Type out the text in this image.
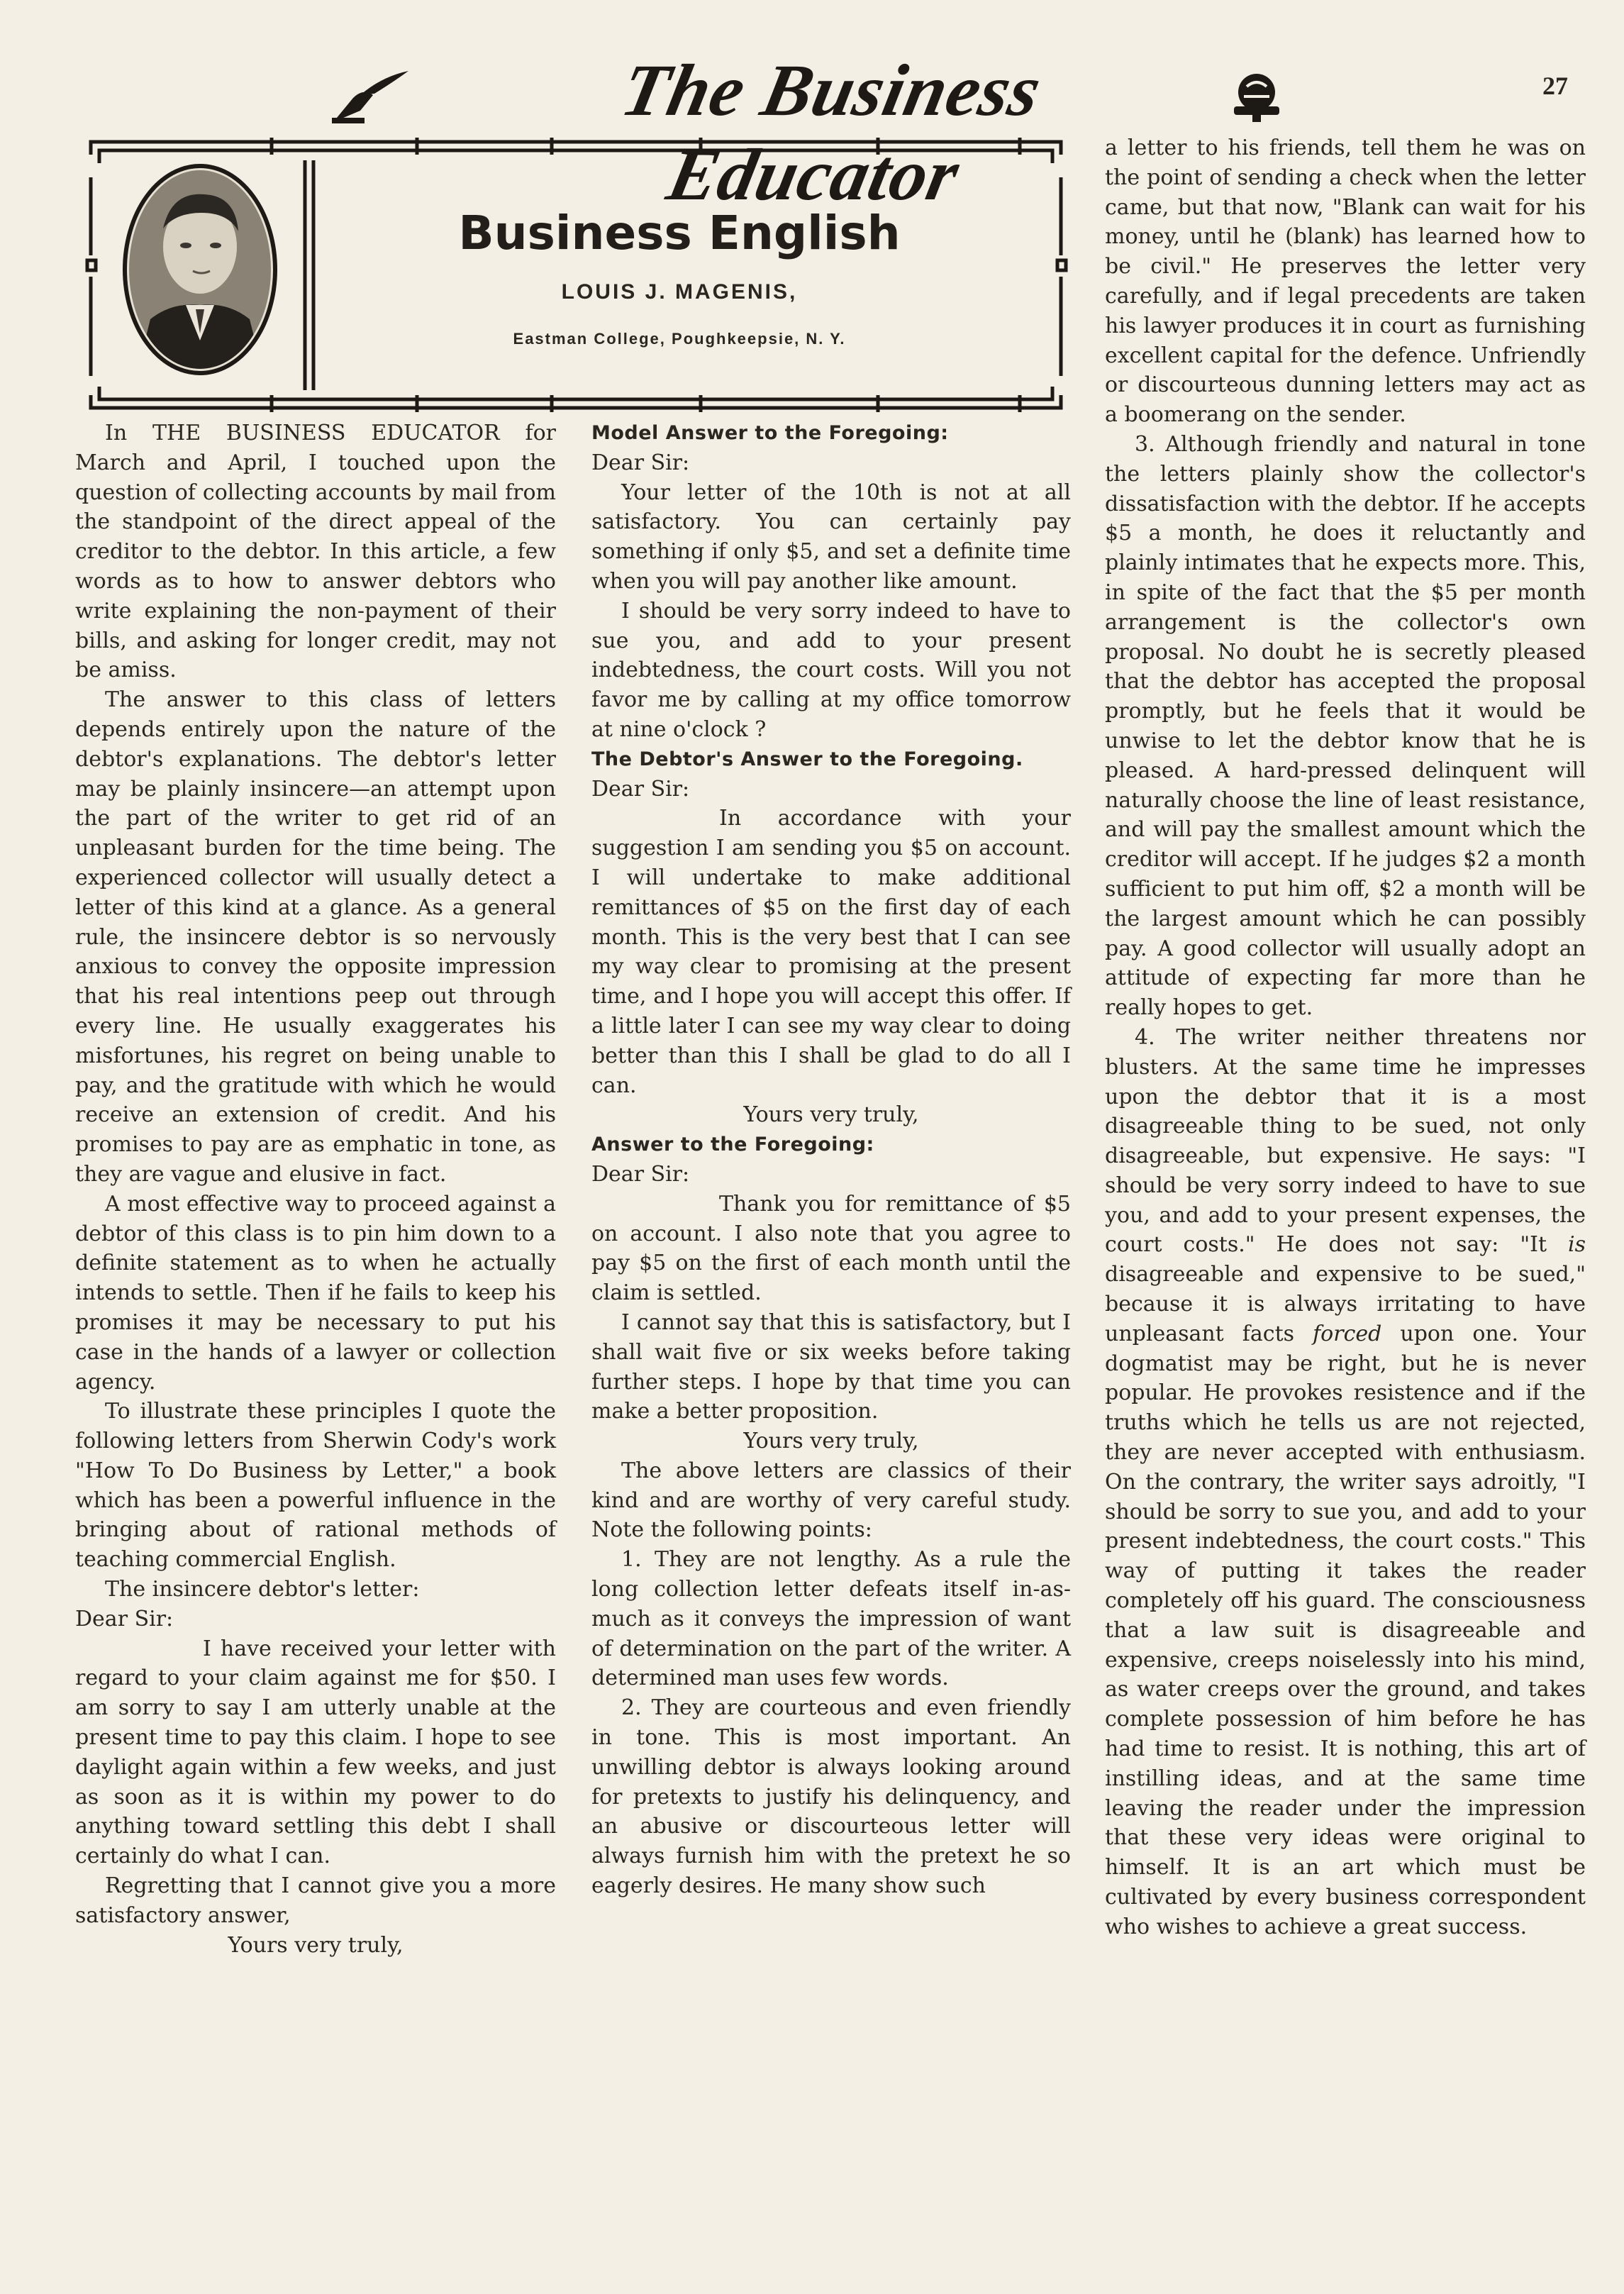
The Business Educator
27
Business English
LOUIS J. MAGENIS,
Eastman College, Poughkeepsie, N. Y.

In THE BUSINESS EDUCATOR for March and April, I touched upon the question of collecting accounts by mail from the standpoint of the direct appeal of the creditor to the debtor. In this article, a few words as to how to answer debtors who write explaining the non-payment of their bills, and asking for longer credit, may not be amiss.

The answer to this class of letters depends entirely upon the nature of the debtor's explanations. The debtor's letter may be plainly insincere—an attempt upon the part of the writer to get rid of an unpleasant burden for the time being. The experienced collector will usually detect a letter of this kind at a glance. As a general rule, the insincere debtor is so nervously anxious to convey the opposite impression that his real intentions peep out through every line. He usually exaggerates his misfortunes, his regret on being unable to pay, and the gratitude with which he would receive an extension of credit. And his promises to pay are as emphatic in tone, as they are vague and elusive in fact.

A most effective way to proceed against a debtor of this class is to pin him down to a definite statement as to when he actually intends to settle. Then if he fails to keep his promises it may be necessary to put his case in the hands of a lawyer or collection agency.

To illustrate these principles I quote the following letters from Sherwin Cody's work "How To Do Business by Letter," a book which has been a powerful influence in the bringing about of rational methods of teaching commercial English.

The insincere debtor's letter:

Dear Sir:

I have received your letter with regard to your claim against me for $50. I am sorry to say I am utterly unable at the present time to pay this claim. I hope to see daylight again within a few weeks, and just as soon as it is within my power to do anything toward settling this debt I shall certainly do what I can.

Regretting that I cannot give you a more satisfactory answer,

Yours very truly,

Model Answer to the Foregoing:

Dear Sir:

Your letter of the 10th is not at all satisfactory. You can certainly pay something if only $5, and set a definite time when you will pay another like amount.

I should be very sorry indeed to have to sue you, and add to your present indebtedness, the court costs. Will you not favor me by calling at my office tomorrow at nine o'clock ?

The Debtor's Answer to the Foregoing.

Dear Sir:

In accordance with your suggestion I am sending you $5 on account. I will undertake to make additional remittances of $5 on the first day of each month. This is the very best that I can see my way clear to promising at the present time, and I hope you will accept this offer. If a little later I can see my way clear to doing better than this I shall be glad to do all I can.

Yours very truly,

Answer to the Foregoing:

Dear Sir:

Thank you for remittance of $5 on account. I also note that you agree to pay $5 on the first of each month until the claim is settled.

I cannot say that this is satisfactory, but I shall wait five or six weeks before taking further steps. I hope by that time you can make a better proposition.

Yours very truly,

The above letters are classics of their kind and are worthy of very careful study. Note the following points:

1. They are not lengthy. As a rule the long collection letter defeats itself in-as-much as it conveys the impression of want of determination on the part of the writer. A determined man uses few words.

2. They are courteous and even friendly in tone. This is most important. An unwilling debtor is always looking around for pretexts to justify his delinquency, and an abusive or discourteous letter will always furnish him with the pretext he so eagerly desires. He many show such

a letter to his friends, tell them he was on the point of sending a check when the letter came, but that now, "Blank can wait for his money, until he (blank) has learned how to be civil." He preserves the letter very carefully, and if legal precedents are taken his lawyer produces it in court as furnishing excellent capital for the defence. Unfriendly or discourteous dunning letters may act as a boomerang on the sender.

3. Although friendly and natural in tone the letters plainly show the collector's dissatisfaction with the debtor. If he accepts $5 a month, he does it reluctantly and plainly intimates that he expects more. This, in spite of the fact that the $5 per month arrangement is the collector's own proposal. No doubt he is secretly pleased that the debtor has accepted the proposal promptly, but he feels that it would be unwise to let the debtor know that he is pleased. A hard-pressed delinquent will naturally choose the line of least resistance, and will pay the smallest amount which the creditor will accept. If he judges $2 a month sufficient to put him off, $2 a month will be the largest amount which he can possibly pay. A good collector will usually adopt an attitude of expecting far more than he really hopes to get.

4. The writer neither threatens nor blusters. At the same time he impresses upon the debtor that it is a most disagreeable thing to be sued, not only disagreeable, but expensive. He says: "I should be very sorry indeed to have to sue you, and add to your present expenses, the court costs." He does not say: "It is disagreeable and expensive to be sued," because it is always irritating to have unpleasant facts forced upon one. Your dogmatist may be right, but he is never popular. He provokes resistence and if the truths which he tells us are not rejected, they are never accepted with enthusiasm. On the contrary, the writer says adroitly, "I should be sorry to sue you, and add to your present indebtedness, the court costs." This way of putting it takes the reader completely off his guard. The consciousness that a law suit is disagreeable and expensive, creeps noiselessly into his mind, as water creeps over the ground, and takes complete possession of him before he has had time to resist. It is nothing, this art of instilling ideas, and at the same time leaving the reader under the impression that these very ideas were original to himself. It is an art which must be cultivated by every business correspondent who wishes to achieve a great success.
